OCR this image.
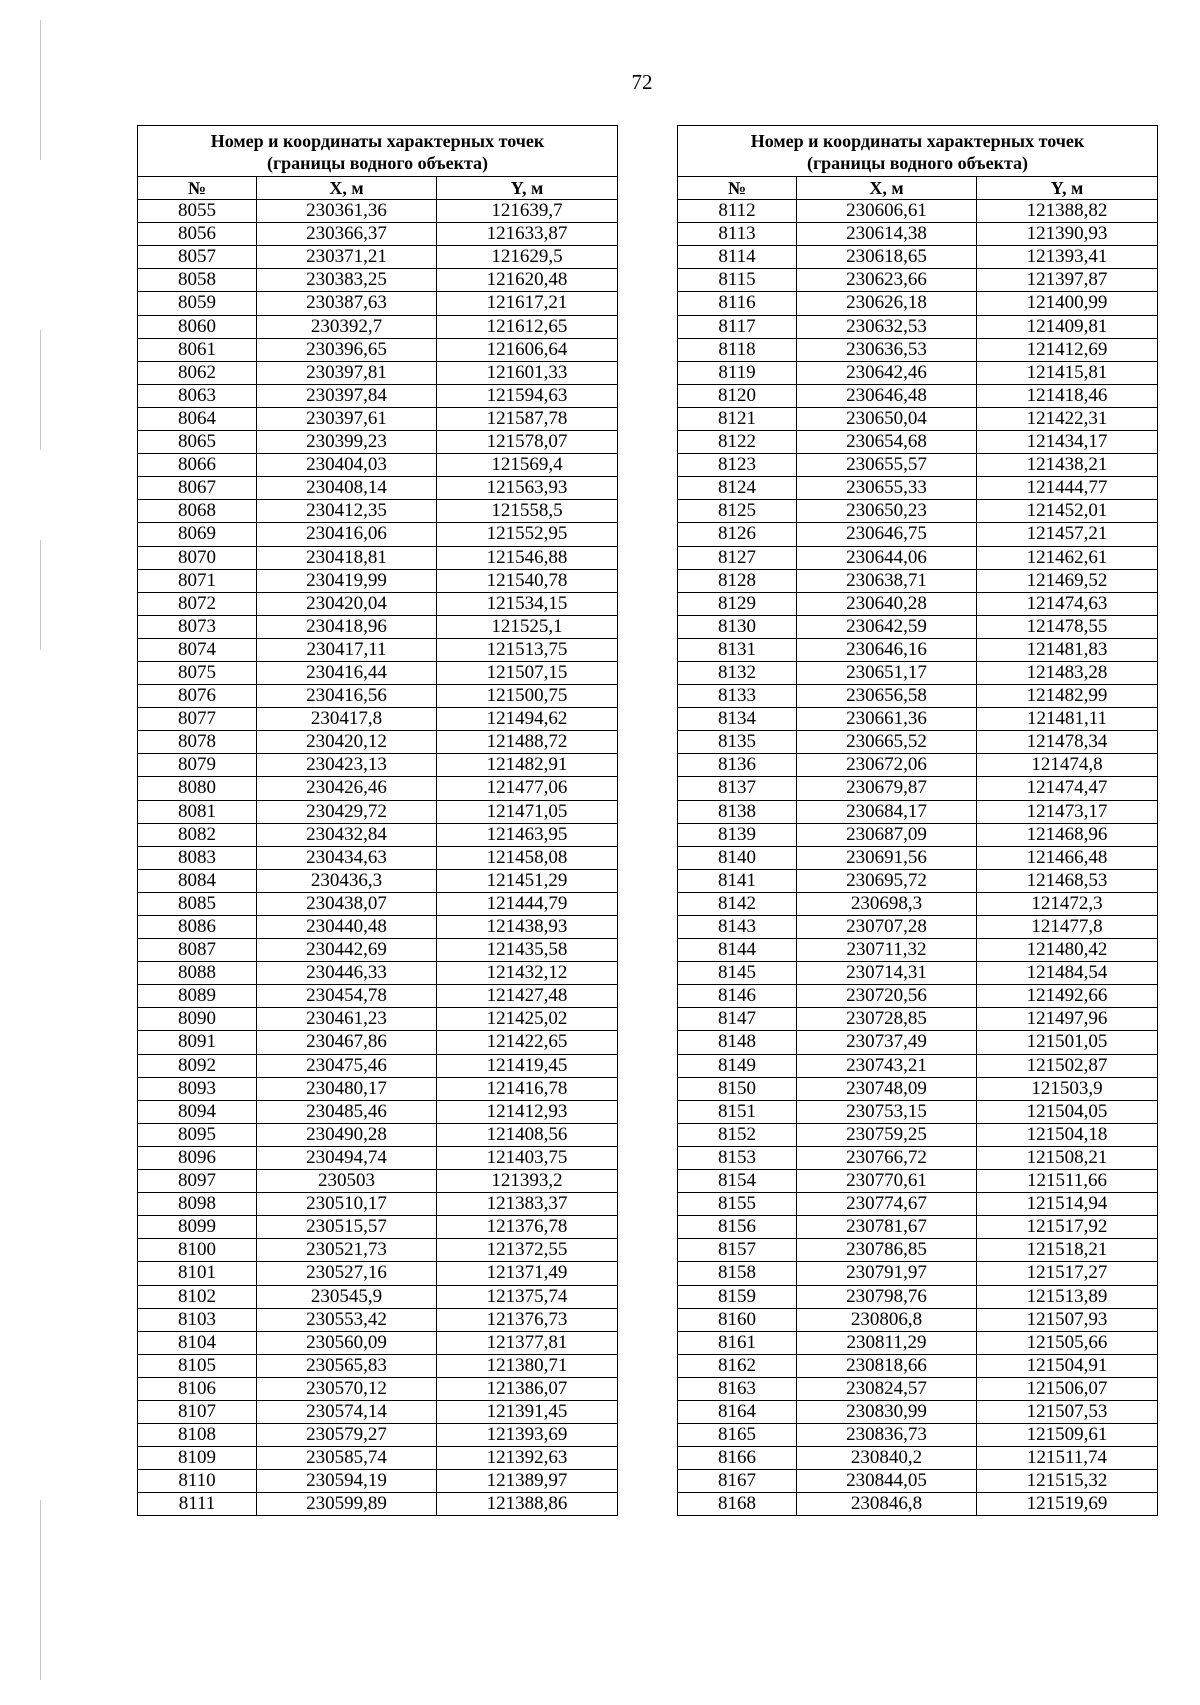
72
Номер и координаты характерных точек
(границы водного объекта)		
№	X, м	Y, м
8055	230361,36	121639,7
8056	230366,37	121633,87
8057	230371,21	121629,5
8058	230383,25	121620,48
8059	230387,63	121617,21
8060	230392,7	121612,65
8061	230396,65	121606,64
8062	230397,81	121601,33
8063	230397,84	121594,63
8064	230397,61	121587,78
8065	230399,23	121578,07
8066	230404,03	121569,4
8067	230408,14	121563,93
8068	230412,35	121558,5
8069	230416,06	121552,95
8070	230418,81	121546,88
8071	230419,99	121540,78
8072	230420,04	121534,15
8073	230418,96	121525,1
8074	230417,11	121513,75
8075	230416,44	121507,15
8076	230416,56	121500,75
8077	230417,8	121494,62
8078	230420,12	121488,72
8079	230423,13	121482,91
8080	230426,46	121477,06
8081	230429,72	121471,05
8082	230432,84	121463,95
8083	230434,63	121458,08
8084	230436,3	121451,29
8085	230438,07	121444,79
8086	230440,48	121438,93
8087	230442,69	121435,58
8088	230446,33	121432,12
8089	230454,78	121427,48
8090	230461,23	121425,02
8091	230467,86	121422,65
8092	230475,46	121419,45
8093	230480,17	121416,78
8094	230485,46	121412,93
8095	230490,28	121408,56
8096	230494,74	121403,75
8097	230503	121393,2
8098	230510,17	121383,37
8099	230515,57	121376,78
8100	230521,73	121372,55
8101	230527,16	121371,49
8102	230545,9	121375,74
8103	230553,42	121376,73
8104	230560,09	121377,81
8105	230565,83	121380,71
8106	230570,12	121386,07
8107	230574,14	121391,45
8108	230579,27	121393,69
8109	230585,74	121392,63
8110	230594,19	121389,97
8111	230599,89	121388,86
Номер и координаты характерных точек
(границы водного объекта)		
№	X, м	Y, м
8112	230606,61	121388,82
8113	230614,38	121390,93
8114	230618,65	121393,41
8115	230623,66	121397,87
8116	230626,18	121400,99
8117	230632,53	121409,81
8118	230636,53	121412,69
8119	230642,46	121415,81
8120	230646,48	121418,46
8121	230650,04	121422,31
8122	230654,68	121434,17
8123	230655,57	121438,21
8124	230655,33	121444,77
8125	230650,23	121452,01
8126	230646,75	121457,21
8127	230644,06	121462,61
8128	230638,71	121469,52
8129	230640,28	121474,63
8130	230642,59	121478,55
8131	230646,16	121481,83
8132	230651,17	121483,28
8133	230656,58	121482,99
8134	230661,36	121481,11
8135	230665,52	121478,34
8136	230672,06	121474,8
8137	230679,87	121474,47
8138	230684,17	121473,17
8139	230687,09	121468,96
8140	230691,56	121466,48
8141	230695,72	121468,53
8142	230698,3	121472,3
8143	230707,28	121477,8
8144	230711,32	121480,42
8145	230714,31	121484,54
8146	230720,56	121492,66
8147	230728,85	121497,96
8148	230737,49	121501,05
8149	230743,21	121502,87
8150	230748,09	121503,9
8151	230753,15	121504,05
8152	230759,25	121504,18
8153	230766,72	121508,21
8154	230770,61	121511,66
8155	230774,67	121514,94
8156	230781,67	121517,92
8157	230786,85	121518,21
8158	230791,97	121517,27
8159	230798,76	121513,89
8160	230806,8	121507,93
8161	230811,29	121505,66
8162	230818,66	121504,91
8163	230824,57	121506,07
8164	230830,99	121507,53
8165	230836,73	121509,61
8166	230840,2	121511,74
8167	230844,05	121515,32
8168	230846,8	121519,69
